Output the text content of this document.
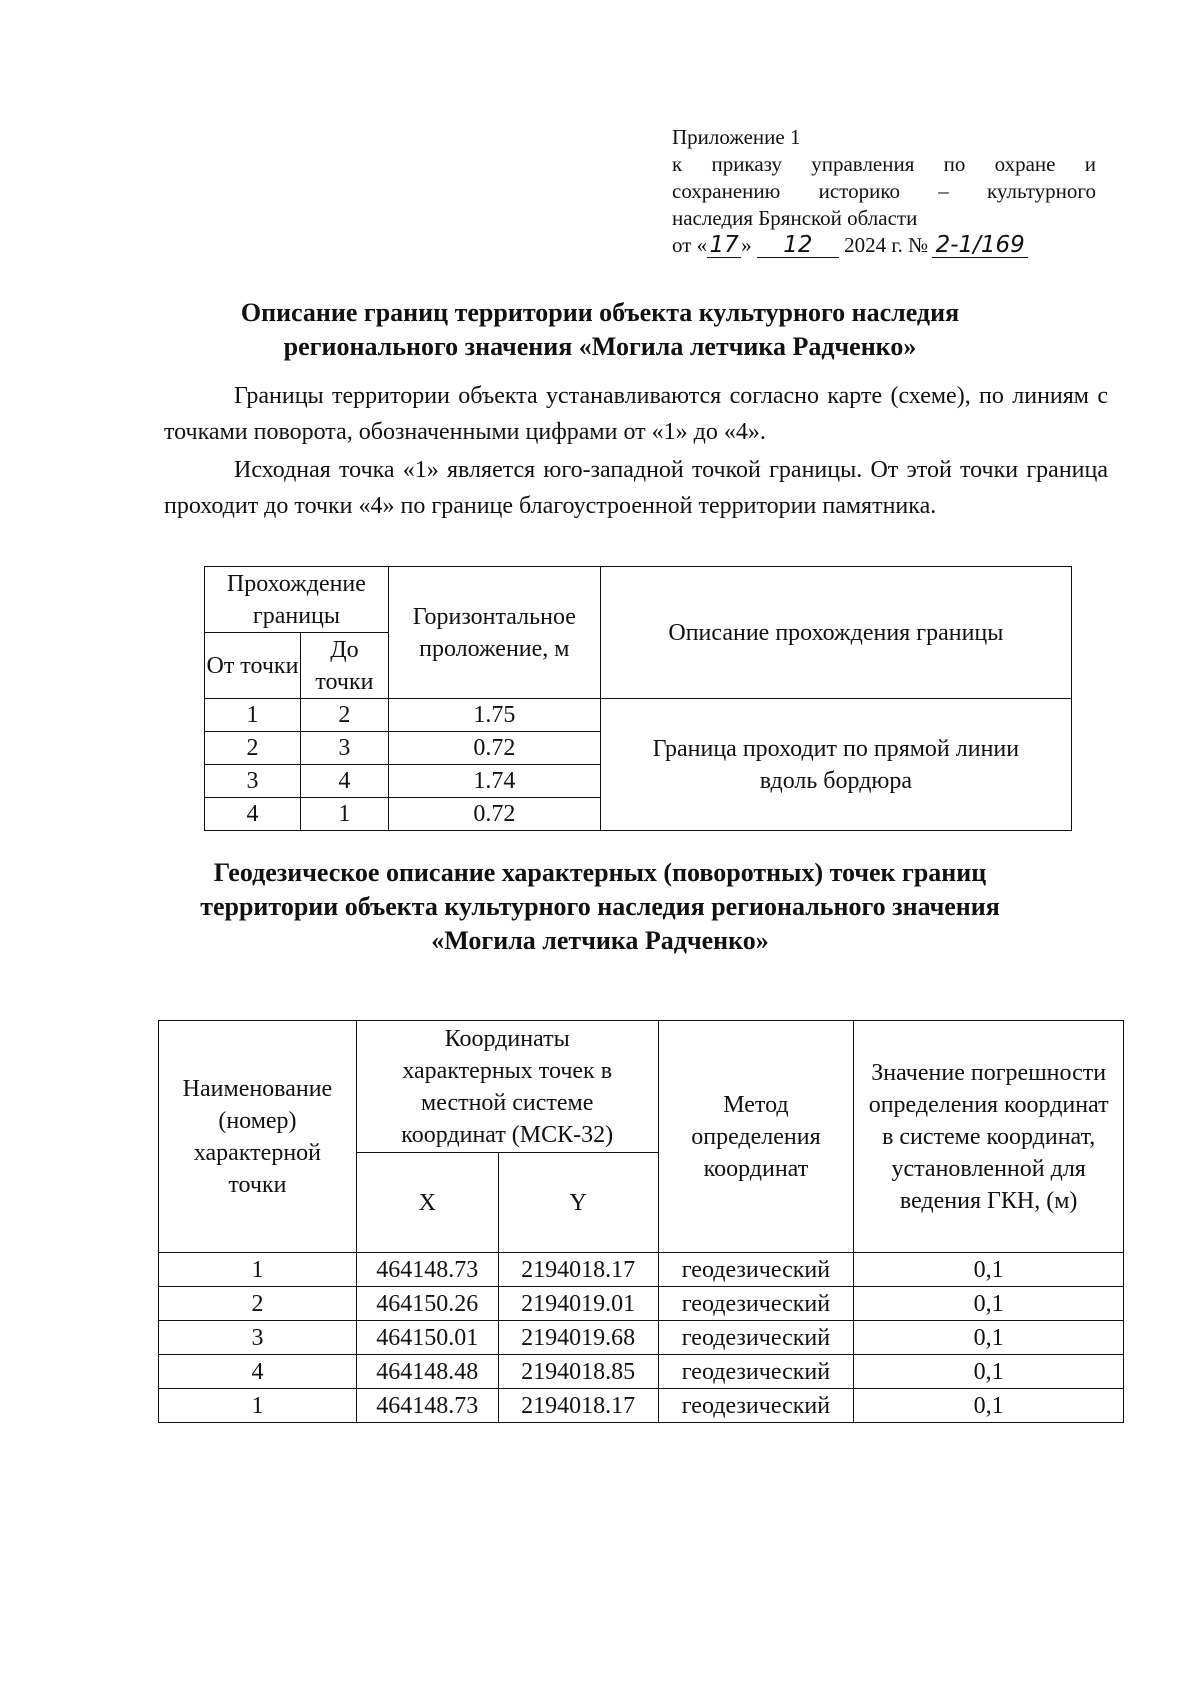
Приложение 1
к приказу управления по охране и
сохранению историко – культурного
наследия Брянской области
от « 17 » 12 2024 г. № 2-1/169
Описание границ территории объекта культурного наследия
регионального значения «Могила летчика Радченко»

Границы территории объекта устанавливаются согласно карте (схеме), по линиям с точками поворота, обозначенными цифрами от «1» до «4».

Исходная точка «1» является юго-западной точкой границы. От этой точки граница проходит до точки «4» по границе благоустроенной территории памятника.

Прохождение границы		Горизонтальное проложение, м	Описание прохождения границы
От точки	До точки		
1	2	1.75	Граница проходит по прямой линии вдоль бордюра
2	3	0.72	
3	4	1.74	
4	1	0.72	
Геодезическое описание характерных (поворотных) точек границ
территории объекта культурного наследия регионального значения
«Могила летчика Радченко»
Наименование (номер) характерной точки	Координаты характерных точек в местной системе координат (МСК-32)		Метод определения координат	Значение погрешности определения координат в системе координат, установленной для ведения ГКН, (м)
	X	Y		
1	464148.73	2194018.17	геодезический	0,1
2	464150.26	2194019.01	геодезический	0,1
3	464150.01	2194019.68	геодезический	0,1
4	464148.48	2194018.85	геодезический	0,1
1	464148.73	2194018.17	геодезический	0,1
